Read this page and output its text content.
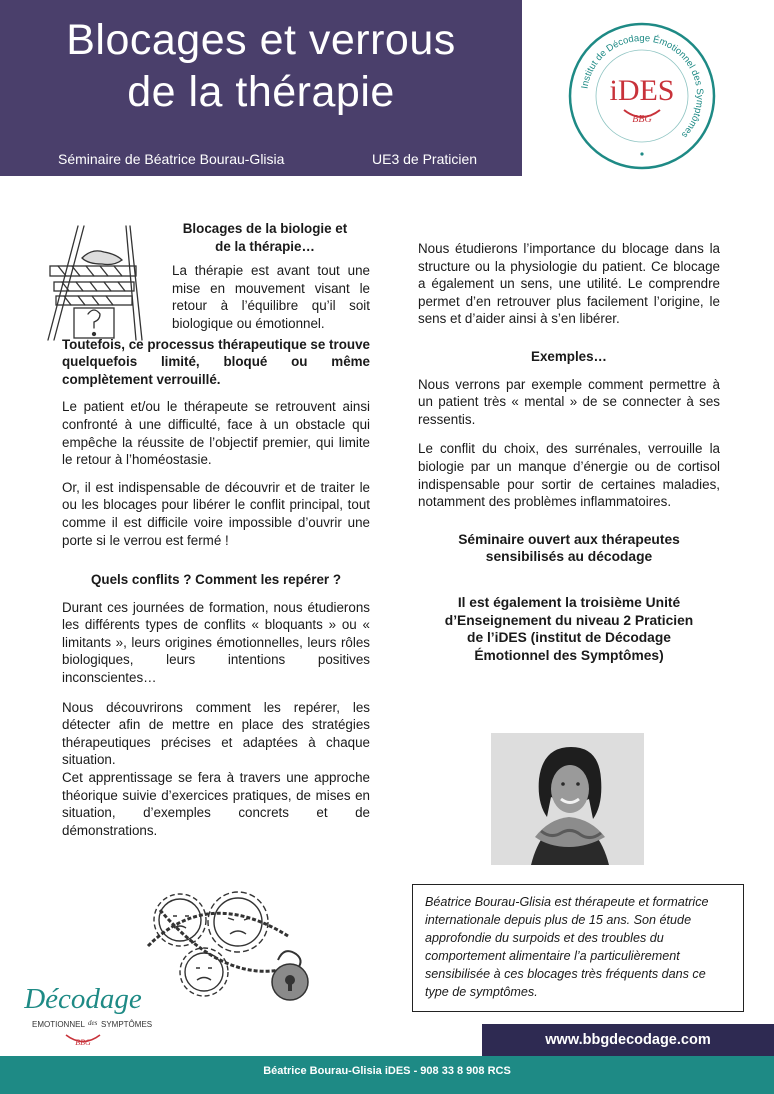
Blocages et verrous
de la thérapie
Séminaire de Béatrice Bourau-Glisia	UE3 de Praticien
Institut de Décodage Émotionnel des Symptômes
iDES
BBG
Blocages de la biologie et
de la thérapie…

La thérapie est avant tout une mise en mouvement visant le retour à l’équilibre qu’il soit biologique ou émotionnel.

Toutefois, ce processus thérapeutique se trouve quelquefois limité, bloqué ou même complètement verrouillé.

Le patient et/ou le thérapeute se retrouvent ainsi confronté à une difficulté, face à un obstacle qui empêche la réussite de l’objectif premier, qui limite le retour à l’homéostasie.

Or, il est indispensable de découvrir et de traiter le ou les blocages pour libérer le conflit principal, tout comme il est difficile voire impossible d’ouvrir une porte si le verrou est fermé !

Quels conflits ? Comment les repérer ?

Durant ces journées de formation, nous étudierons les différents types de conflits « bloquants » ou « limitants », leurs origines émotionnelles, leurs rôles biologiques, leurs intentions positives inconscientes…

Nous découvrirons comment les repérer, les détecter afin de mettre en place des stratégies thérapeutiques précises et adaptées à chaque situation.

Cet apprentissage se fera à travers une approche théorique suivie d’exercices pratiques, de mises en situation, d’exemples concrets et de démonstrations.

Nous étudierons l’importance du blocage dans la structure ou la physiologie du patient. Ce blocage a également un sens, une utilité. Le comprendre permet d’en retrouver plus facilement l’origine, le sens et d’aider ainsi à s’en libérer.

Exemples…

Nous verrons par exemple comment permettre à un patient très « mental » de se connecter à ses ressentis.

Le conflit du choix, des surrénales, verrouille la biologie par un manque d’énergie ou de cortisol indispensable pour sortir de certaines maladies, notamment des problèmes inflammatoires.

Séminaire ouvert aux thérapeutes
sensibilisés au décodage
Il est également la troisième Unité
d’Enseignement du niveau 2 Praticien
de l’iDES (institut de Décodage
Émotionnel des Symptômes)
Béatrice Bourau-Glisia est thérapeute et formatrice internationale depuis plus de 15 ans. Son étude approfondie du surpoids et des troubles du comportement alimentaire l’a particulièrement sensibilisée à ces blocages très fréquents dans ce type de symptômes.
Décodage
EMOTIONNEL des SYMPTÔMES
BBG	www.bbgdecodage.com
Béatrice Bourau-Glisia iDES - 908 33 8 908 RCS
